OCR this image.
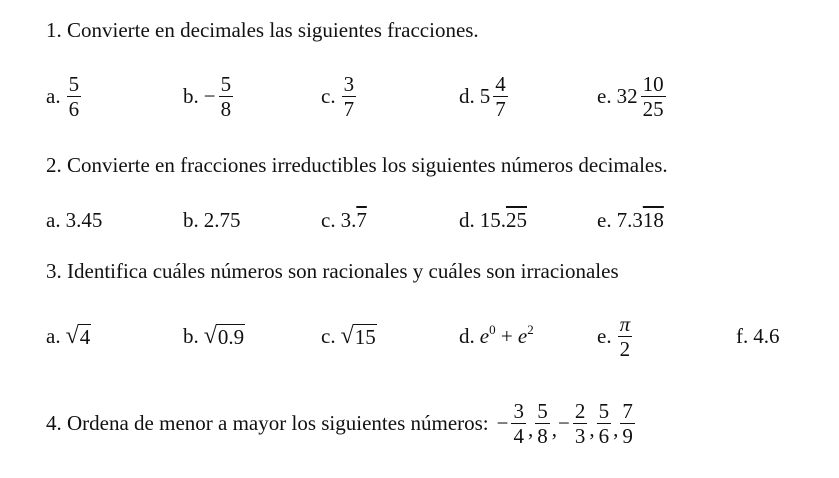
1. Convierte en decimales las siguientes fracciones.
a. $\frac{5}{6}$	b. − $\frac{5}{8}$	c. $\frac{3}{7}$	d. $5 \frac{4}{7}$	e. $32 \frac{10}{25}$
2. Convierte en fracciones irreductibles los siguientes números decimales.
a. 3.45	b. 2.75	c. 3.7	d. 15.25	e. 7.318
3. Identifica cuáles números son racionales y cuáles son irracionales
a. √ 4	b. √ 0.9	c. √ 15	d. $e^0 + e^2$	e. $\frac{\pi}{2}$	f. 4.6
4. Ordena de menor a mayor los siguientes números: − $\frac{3}{4}$ , $\frac{5}{8}$ , − $\frac{2}{3}$ , $\frac{5}{6}$ , $\frac{7}{9}$
